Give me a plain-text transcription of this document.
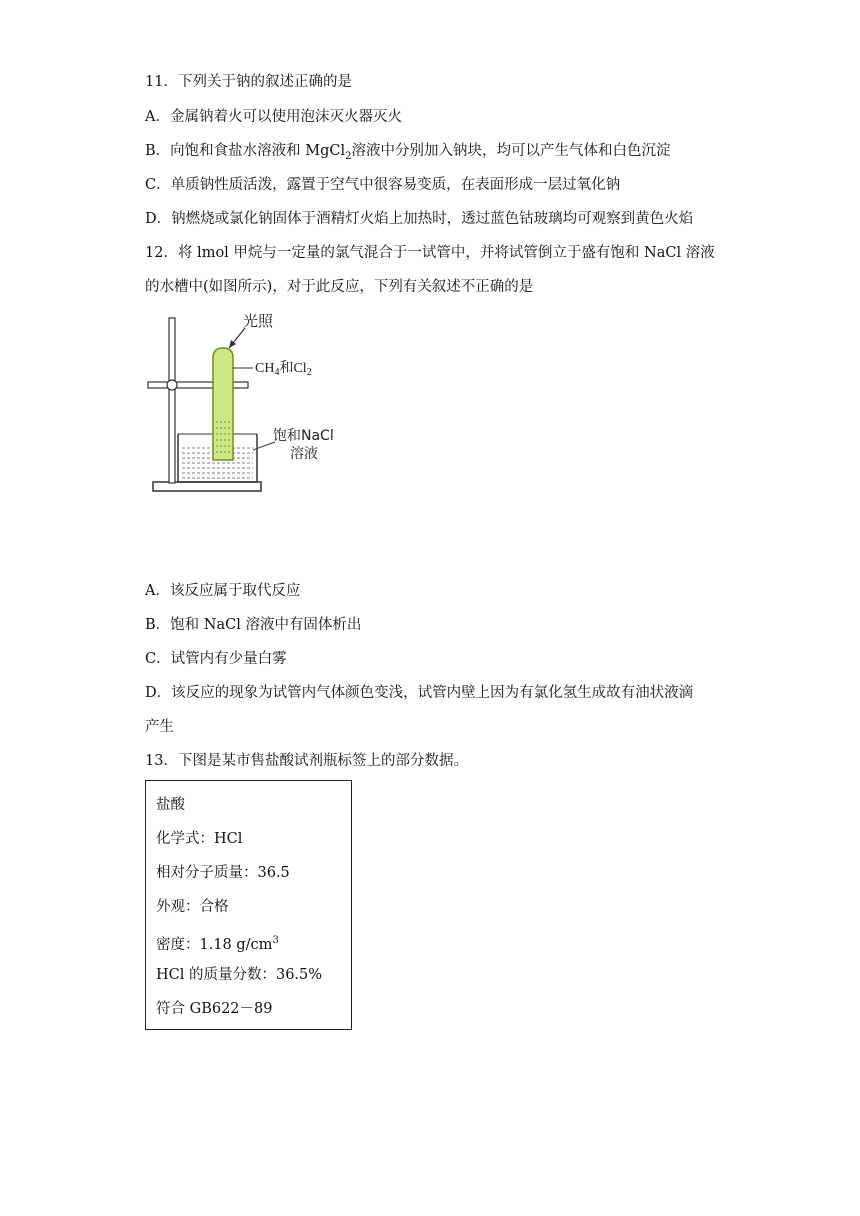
11．下列关于钠的叙述正确的是
A．金属钠着火可以使用泡沫灭火器灭火
B．向饱和食盐水溶液和 MgCl$_2$溶液中分别加入钠块，均可以产生气体和白色沉淀
C．单质钠性质活泼，露置于空气中很容易变质，在表面形成一层过氧化钠
D．钠燃烧或氯化钠固体于酒精灯火焰上加热时，透过蓝色钴玻璃均可观察到黄色火焰
12．将 lmol 甲烷与一定量的氯气混合于一试管中，并将试管倒立于盛有饱和 NaCl 溶液
的水槽中(如图所示)，对于此反应，下列有关叙述不正确的是
光照
$CH_4$和$Cl_2$
饱和NaCl
溶液
A．该反应属于取代反应
B．饱和 NaCl 溶液中有固体析出
C．试管内有少量白雾
D．该反应的现象为试管内气体颜色变浅，试管内壁上因为有氯化氢生成故有油状液滴
产生
13．下图是某市售盐酸试剂瓶标签上的部分数据。
盐酸
化学式：HCl
相对分子质量：36.5
外观：合格
密度：1.18 $g/cm^3$
HCl 的质量分数：36.5%
符合 GB622－89
